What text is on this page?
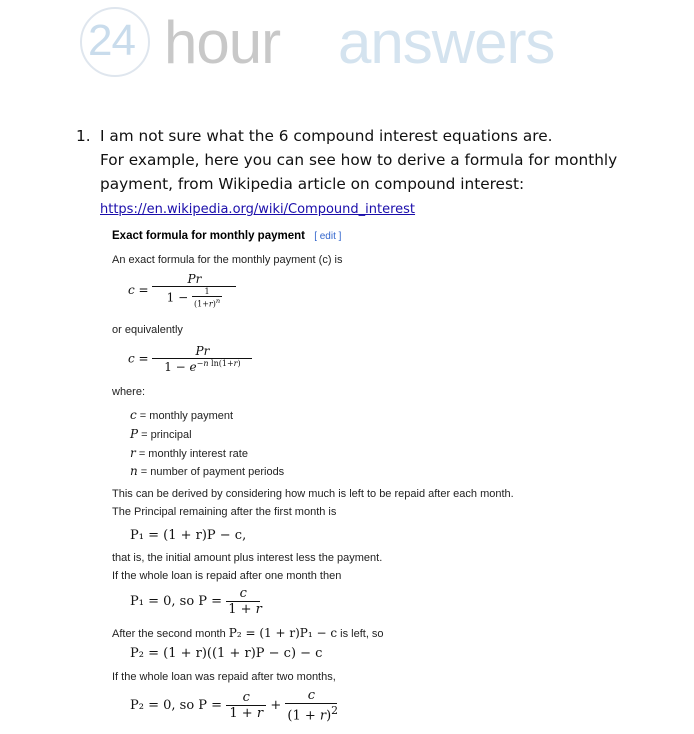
24 hour answers
1. I am not sure what the 6 compound interest equations are.
For example, here you can see how to derive a formula for monthly
payment, from Wikipedia article on compound interest:
https://en.wikipedia.org/wiki/Compound_interest
Exact formula for monthly payment [ edit ]
An exact formula for the monthly payment (c) is
$c = \frac{Pr}{1 - \frac{1}{(1+r)^n}}$
or equivalently
$c = \frac{Pr}{1 - e^{-n ln(1+r)}}$
where:
c = monthly payment
P = principal
r = monthly interest rate
n = number of payment periods
This can be derived by considering how much is left to be repaid after each month.
The Principal remaining after the first month is
P₁ = (1 + r)P − c,
that is, the initial amount plus interest less the payment.
If the whole loan is repaid after one month then
P₁ = 0, so $P = \frac{c}{1 + r}$
After the second month P₂ = (1 + r)P₁ − c is left, so
P₂ = (1 + r)((1 + r)P − c) − c
If the whole loan was repaid after two months,
P₂ = 0, so $P = \frac{c}{1 + r} + \frac{c}{(1 + r)^2}$
